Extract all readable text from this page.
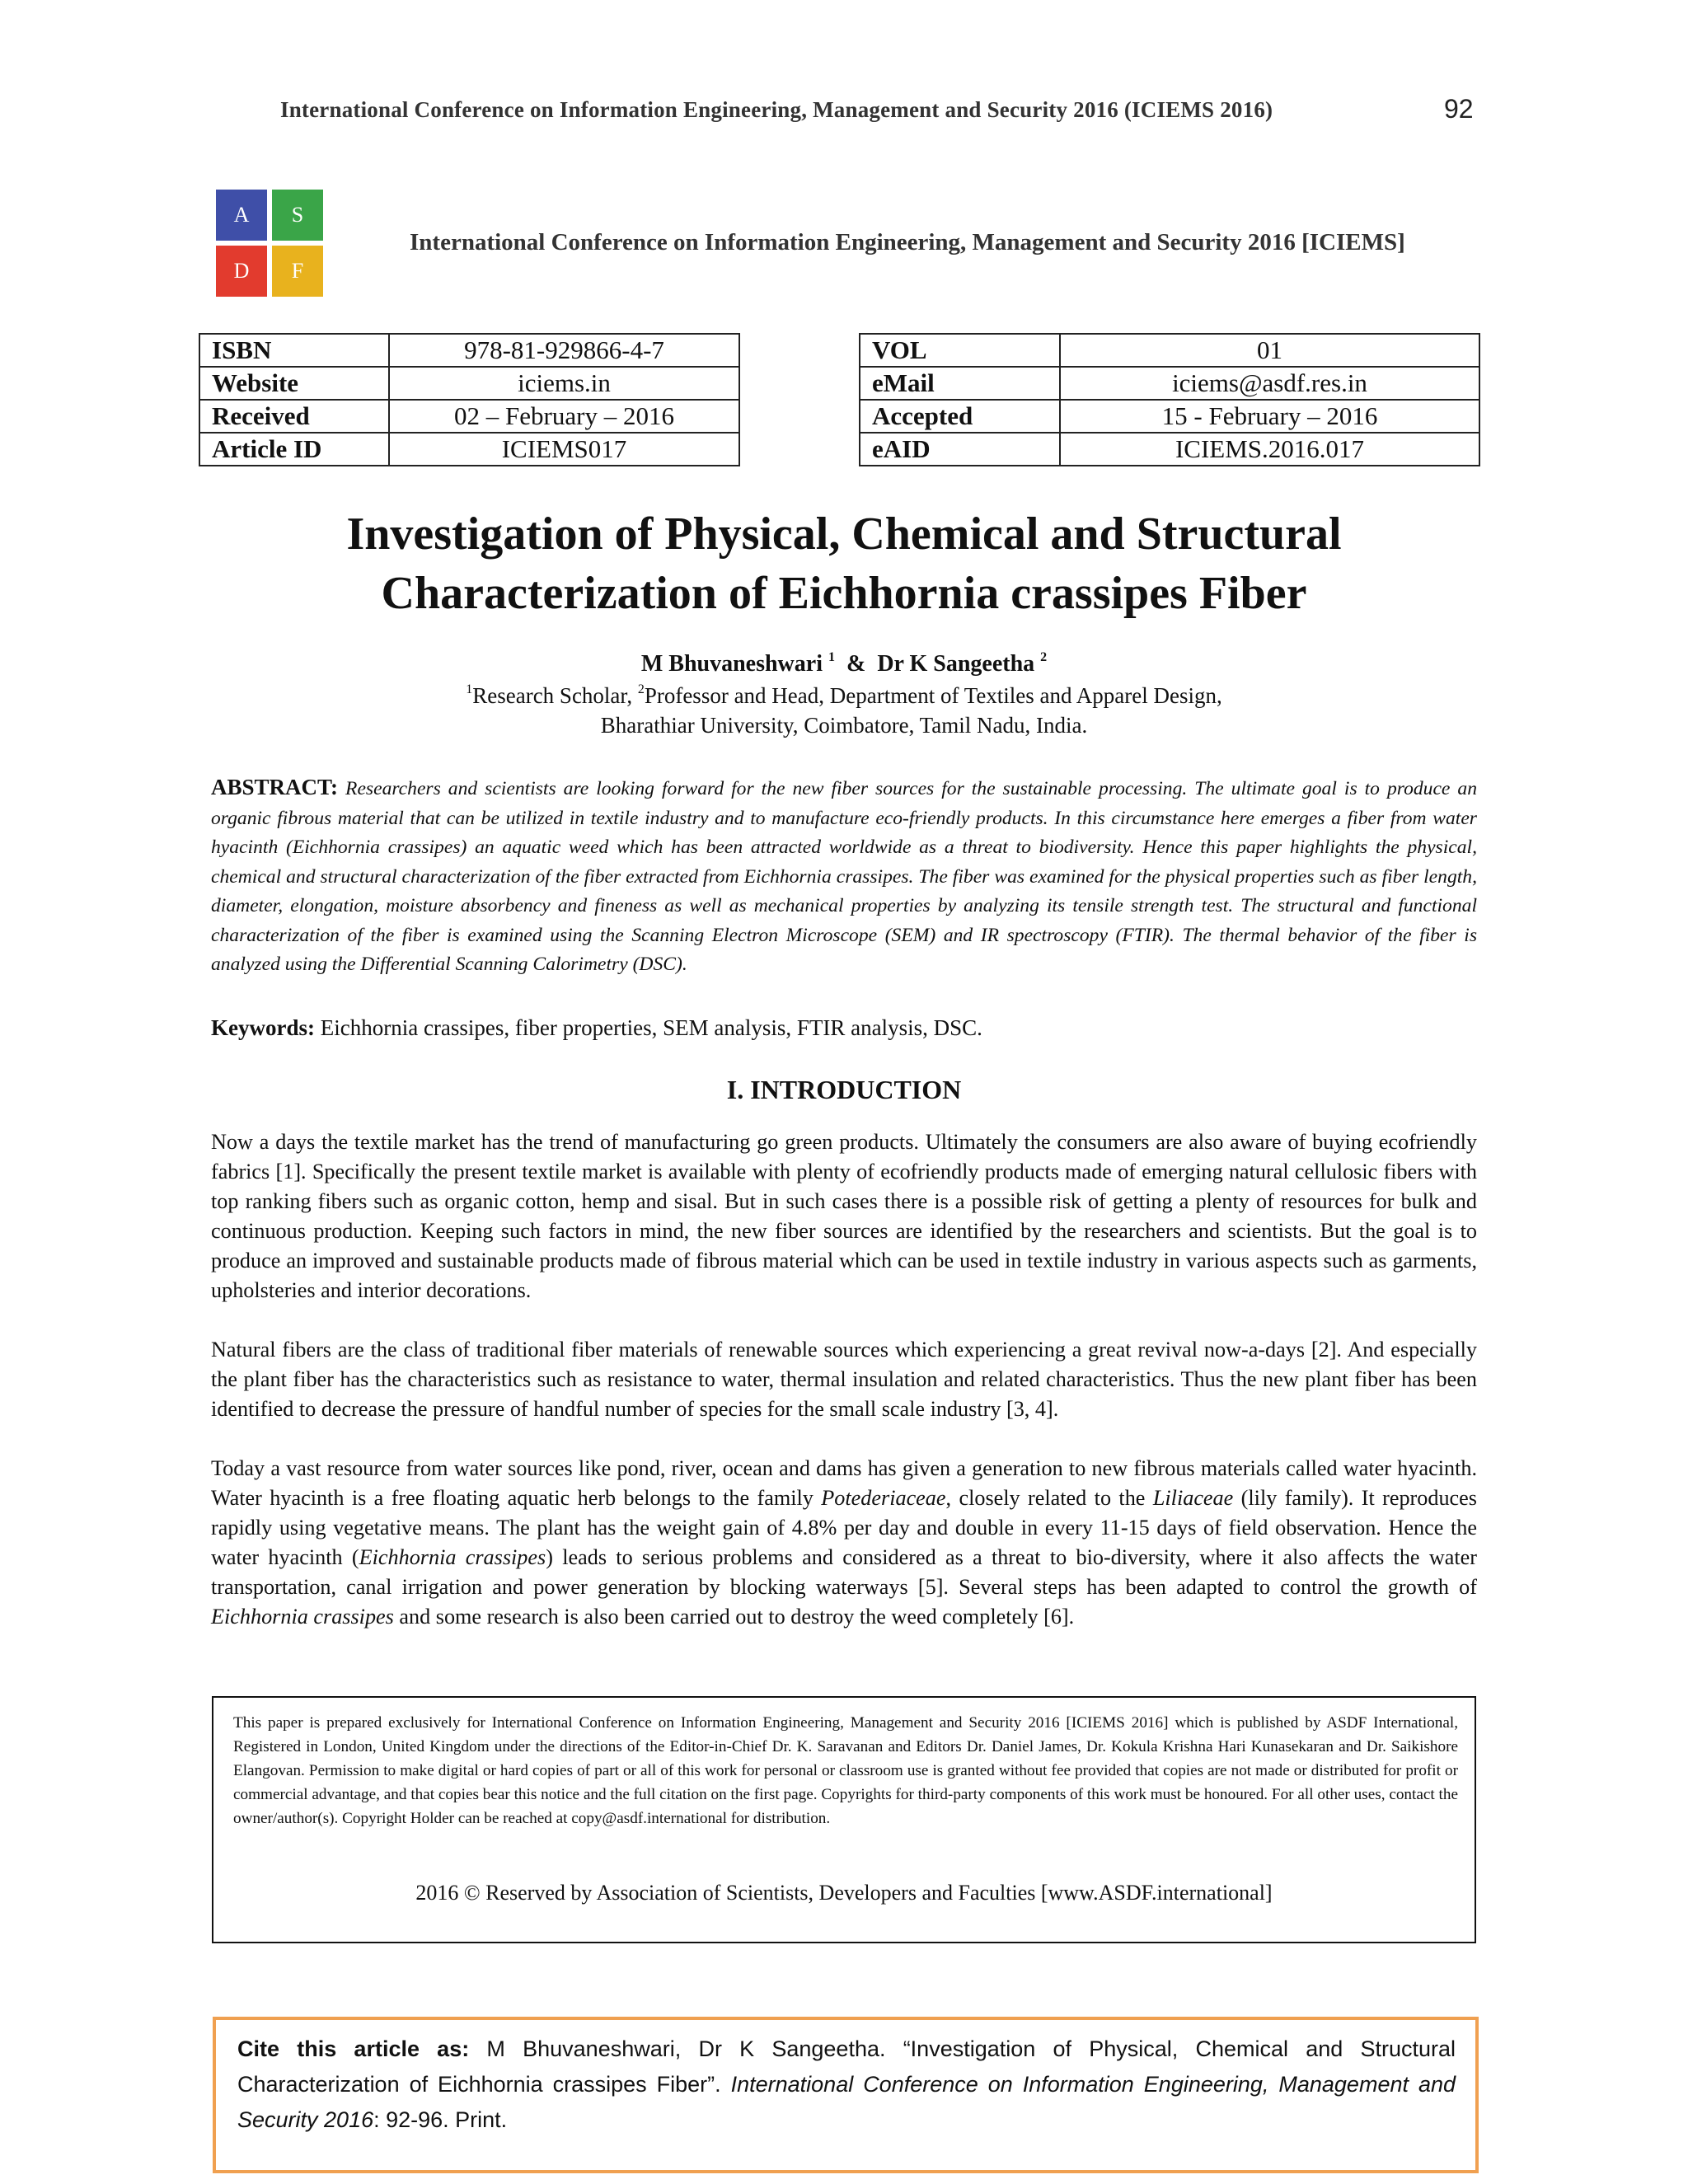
International Conference on Information Engineering, Management and Security 2016 (ICIEMS 2016)	92
A	S
D	F
International Conference on Information Engineering, Management and Security 2016 [ICIEMS]
ISBN	978-81-929866-4-7
Website	iciems.in
Received	02 – February – 2016
Article ID	ICIEMS017
VOL	01
eMail	iciems@asdf.res.in
Accepted	15 - February – 2016
eAID	ICIEMS.2016.017
Investigation of Physical, Chemical and Structural
Characterization of Eichhornia crassipes Fiber
M Bhuvaneshwari $^1$  &  Dr K Sangeetha $^2$
$^1$Research Scholar, $^2$Professor and Head, Department of Textiles and Apparel Design,
Bharathiar University, Coimbatore, Tamil Nadu, India.
ABSTRACT: Researchers and scientists are looking forward for the new fiber sources for the sustainable processing. The ultimate goal is to produce an organic fibrous material that can be utilized in textile industry and to manufacture eco-friendly products. In this circumstance here emerges a fiber from water hyacinth (Eichhornia crassipes) an aquatic weed which has been attracted worldwide as a threat to biodiversity. Hence this paper highlights the physical, chemical and structural characterization of the fiber extracted from Eichhornia crassipes. The fiber was examined for the physical properties such as fiber length, diameter, elongation, moisture absorbency and fineness as well as mechanical properties by analyzing its tensile strength test. The structural and functional characterization of the fiber is examined using the Scanning Electron Microscope (SEM) and IR spectroscopy (FTIR). The thermal behavior of the fiber is analyzed using the Differential Scanning Calorimetry (DSC).
Keywords: Eichhornia crassipes, fiber properties, SEM analysis, FTIR analysis, DSC.
I. INTRODUCTION
Now a days the textile market has the trend of manufacturing go green products. Ultimately the consumers are also aware of buying ecofriendly fabrics [1]. Specifically the present textile market is available with plenty of ecofriendly products made of emerging natural cellulosic fibers with top ranking fibers such as organic cotton, hemp and sisal. But in such cases there is a possible risk of getting a plenty of resources for bulk and continuous production. Keeping such factors in mind, the new fiber sources are identified by the researchers and scientists. But the goal is to produce an improved and sustainable products made of fibrous material which can be used in textile industry in various aspects such as garments, upholsteries and interior decorations.
Natural fibers are the class of traditional fiber materials of renewable sources which experiencing a great revival now-a-days [2]. And especially the plant fiber has the characteristics such as resistance to water, thermal insulation and related characteristics. Thus the new plant fiber has been identified to decrease the pressure of handful number of species for the small scale industry [3, 4].
Today a vast resource from water sources like pond, river, ocean and dams has given a generation to new fibrous materials called water hyacinth. Water hyacinth is a free floating aquatic herb belongs to the family Potederiaceae, closely related to the Liliaceae (lily family). It reproduces rapidly using vegetative means. The plant has the weight gain of 4.8% per day and double in every 11-15 days of field observation. Hence the water hyacinth (Eichhornia crassipes) leads to serious problems and considered as a threat to bio-diversity, where it also affects the water transportation, canal irrigation and power generation by blocking waterways [5]. Several steps has been adapted to control the growth of Eichhornia crassipes and some research is also been carried out to destroy the weed completely [6].
This paper is prepared exclusively for International Conference on Information Engineering, Management and Security 2016 [ICIEMS 2016] which is published by ASDF International, Registered in London, United Kingdom under the directions of the Editor-in-Chief Dr. K. Saravanan and Editors Dr. Daniel James, Dr. Kokula Krishna Hari Kunasekaran and Dr. Saikishore Elangovan. Permission to make digital or hard copies of part or all of this work for personal or classroom use is granted without fee provided that copies are not made or distributed for profit or commercial advantage, and that copies bear this notice and the full citation on the first page. Copyrights for third-party components of this work must be honoured. For all other uses, contact the owner/author(s). Copyright Holder can be reached at copy@asdf.international for distribution.
2016 © Reserved by Association of Scientists, Developers and Faculties [www.ASDF.international]
Cite this article as: M Bhuvaneshwari, Dr K Sangeetha. “Investigation of Physical, Chemical and Structural Characterization of Eichhornia crassipes Fiber”. International Conference on Information Engineering, Management and Security 2016: 92-96. Print.
